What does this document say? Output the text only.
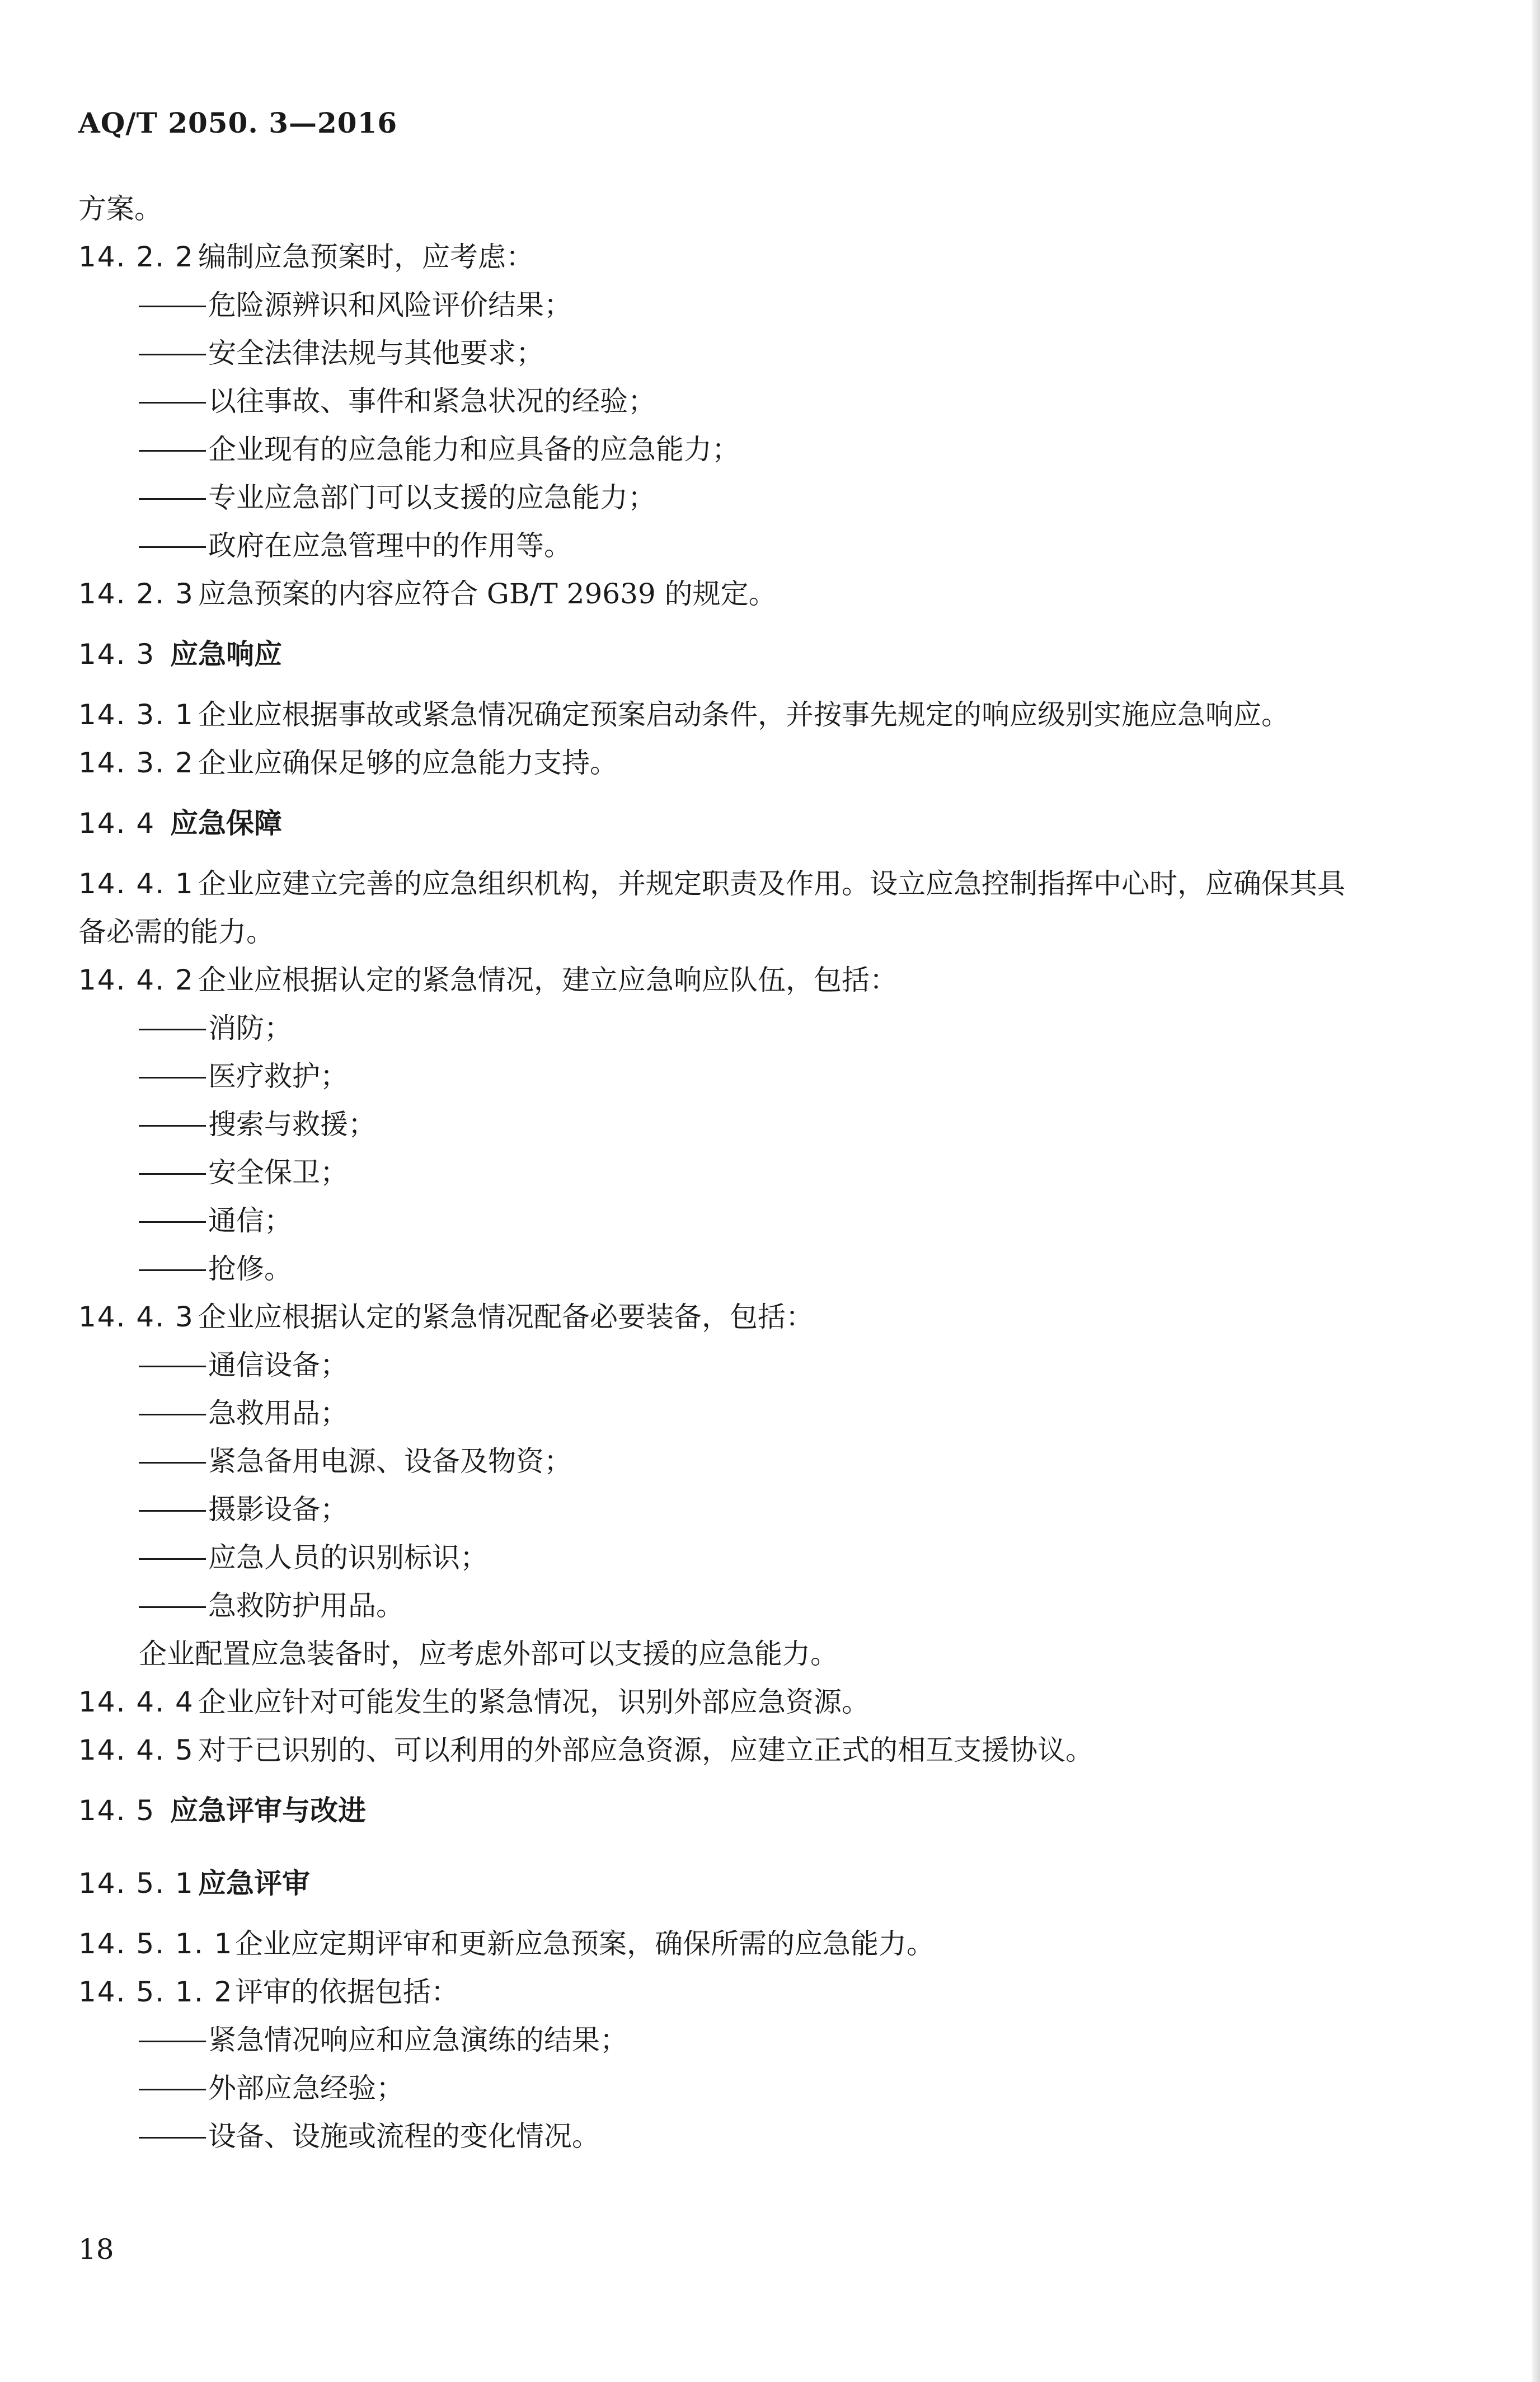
AQ/T 2050. 3—2016
方案。
14. 2. 2 编制应急预案时，应考虑：
危险源辨识和风险评价结果；
安全法律法规与其他要求；
以往事故、事件和紧急状况的经验；
企业现有的应急能力和应具备的应急能力；
专业应急部门可以支援的应急能力；
政府在应急管理中的作用等。
14. 2. 3 应急预案的内容应符合 GB/T 29639 的规定。
14. 3 应急响应
14. 3. 1 企业应根据事故或紧急情况确定预案启动条件，并按事先规定的响应级别实施应急响应。
14. 3. 2 企业应确保足够的应急能力支持。
14. 4 应急保障
14. 4. 1 企业应建立完善的应急组织机构，并规定职责及作用。设立应急控制指挥中心时，应确保其具
备必需的能力。
14. 4. 2 企业应根据认定的紧急情况，建立应急响应队伍，包括：
消防；
医疗救护；
搜索与救援；
安全保卫；
通信；
抢修。
14. 4. 3 企业应根据认定的紧急情况配备必要装备，包括：
通信设备；
急救用品；
紧急备用电源、设备及物资；
摄影设备；
应急人员的识别标识；
急救防护用品。
企业配置应急装备时，应考虑外部可以支援的应急能力。
14. 4. 4 企业应针对可能发生的紧急情况，识别外部应急资源。
14. 4. 5 对于已识别的、可以利用的外部应急资源，应建立正式的相互支援协议。
14. 5 应急评审与改进
14. 5. 1 应急评审
14. 5. 1. 1企业应定期评审和更新应急预案，确保所需的应急能力。
14. 5. 1. 2评审的依据包括：
紧急情况响应和应急演练的结果；
外部应急经验；
设备、设施或流程的变化情况。
18
